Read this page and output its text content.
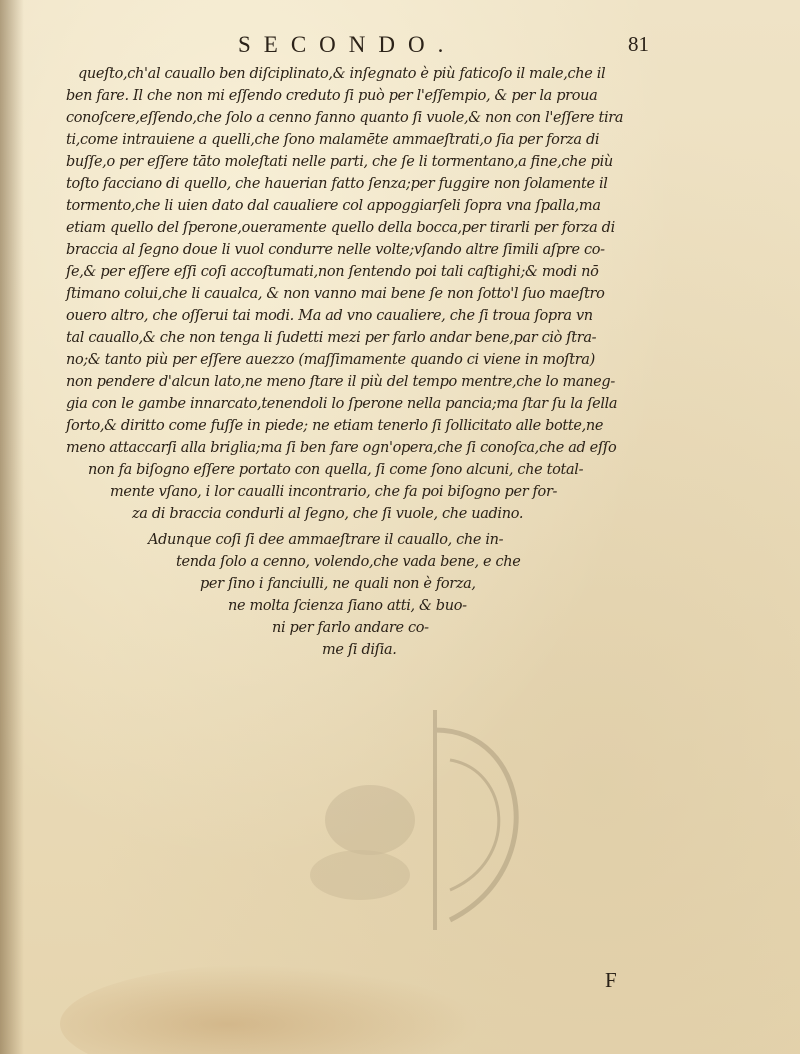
SECONDO.	81
queſto,ch'al cauallo ben diſciplinato,& inſegnato è più faticoſo il male,che il
ben fare. Il che non mi eſſendo creduto ſi può per l'eſſempio, & per la proua
conoſcere,eſſendo,che ſolo a cenno fanno quanto ſi vuole,& non con l'eſſere tira
ti,come intrauiene a quelli,che ſono malamēte ammaeſtrati,o ſia per forza di
buſſe,o per eſſere tāto moleſtati nelle parti, che ſe li tormentano,a fine,che più
toſto facciano di quello, che hauerian fatto ſenza;per fuggire non ſolamente il
tormento,che li uien dato dal caualiere col appoggiarſeli ſopra vna ſpalla,ma
etiam quello del ſperone,oueramente quello della bocca,per tirarli per forza di
braccia al ſegno doue li vuol condurre nelle volte;vſando altre ſimili aſpre co-
ſe,& per eſſere eſſi coſi accoſtumati,non ſentendo poi tali caſtighi;& modi nō
ſtimano colui,che li caualca, & non vanno mai bene ſe non ſotto'l ſuo maeſtro
ouero altro, che oſſerui tai modi. Ma ad vno caualiere, che ſi troua ſopra vn
tal cauallo,& che non tenga li ſudetti mezi per farlo andar bene,par ciò ſtra-
no;& tanto più per eſſere auezzo (maſſimamente quando ci viene in moſtra)
non pendere d'alcun lato,ne meno ſtare il più del tempo mentre,che lo maneg-
gia con le gambe innarcato,tenendoli lo ſperone nella pancia;ma ſtar ſu la ſella
ſorto,& diritto come fuſſe in piede; ne etiam tenerlo ſi ſollicitato alle botte,ne
meno attaccarſi alla briglia;ma ſi ben fare ogn'opera,che ſi conoſca,che ad eſſo
non fa biſogno eſſere portato con quella, ſi come ſono alcuni, che total-
mente vſano, i lor caualli incontrario, che fa poi biſogno per for-
za di braccia condurli al ſegno, che ſi vuole, che uadino.
Adunque coſi ſi dee ammaeſtrare il cauallo, che in-
tenda ſolo a cenno, volendo,che vada bene, e che
per ſino i fanciulli, ne quali non è forza,
ne molta ſcienza ſiano atti, & buo-
ni per farlo andare co-
me ſi diſia.
F
